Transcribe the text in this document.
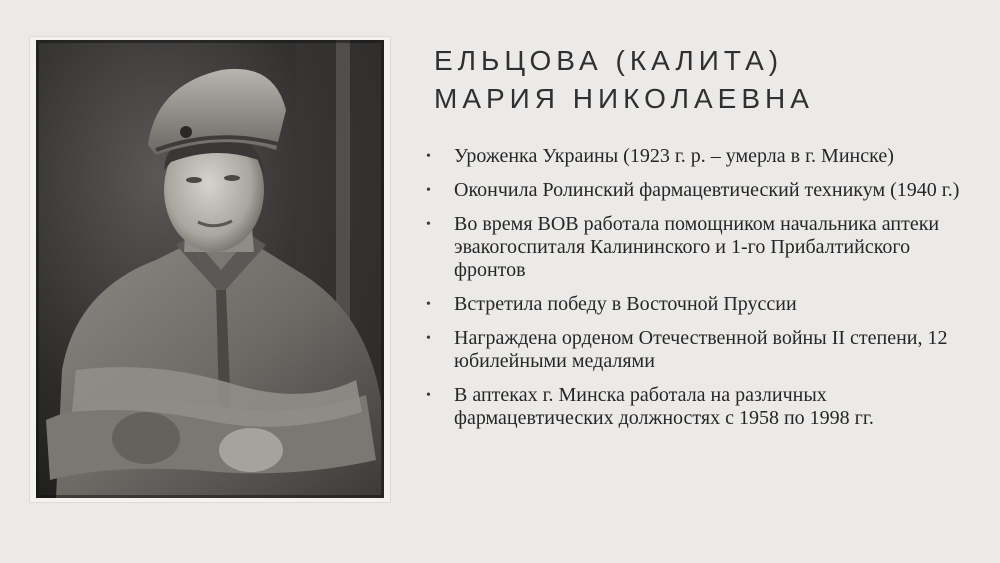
ЕЛЬЦОВА (КАЛИТА)
МАРИЯ НИКОЛАЕВНА
• Уроженка Украины (1923 г. р. – умерла в г. Минске)
• Окончила Ролинский фармацевтический техникум (1940 г.)
• Во время ВОВ работала помощником начальника аптеки эвакогоспиталя Калининского и 1-го Прибалтийского фронтов
• Встретила победу в Восточной Пруссии
• Награждена орденом Отечественной войны II степени, 12 юбилейными медалями
• В аптеках г. Минска работала на различных фармацевтических должностях с 1958 по 1998 гг.
